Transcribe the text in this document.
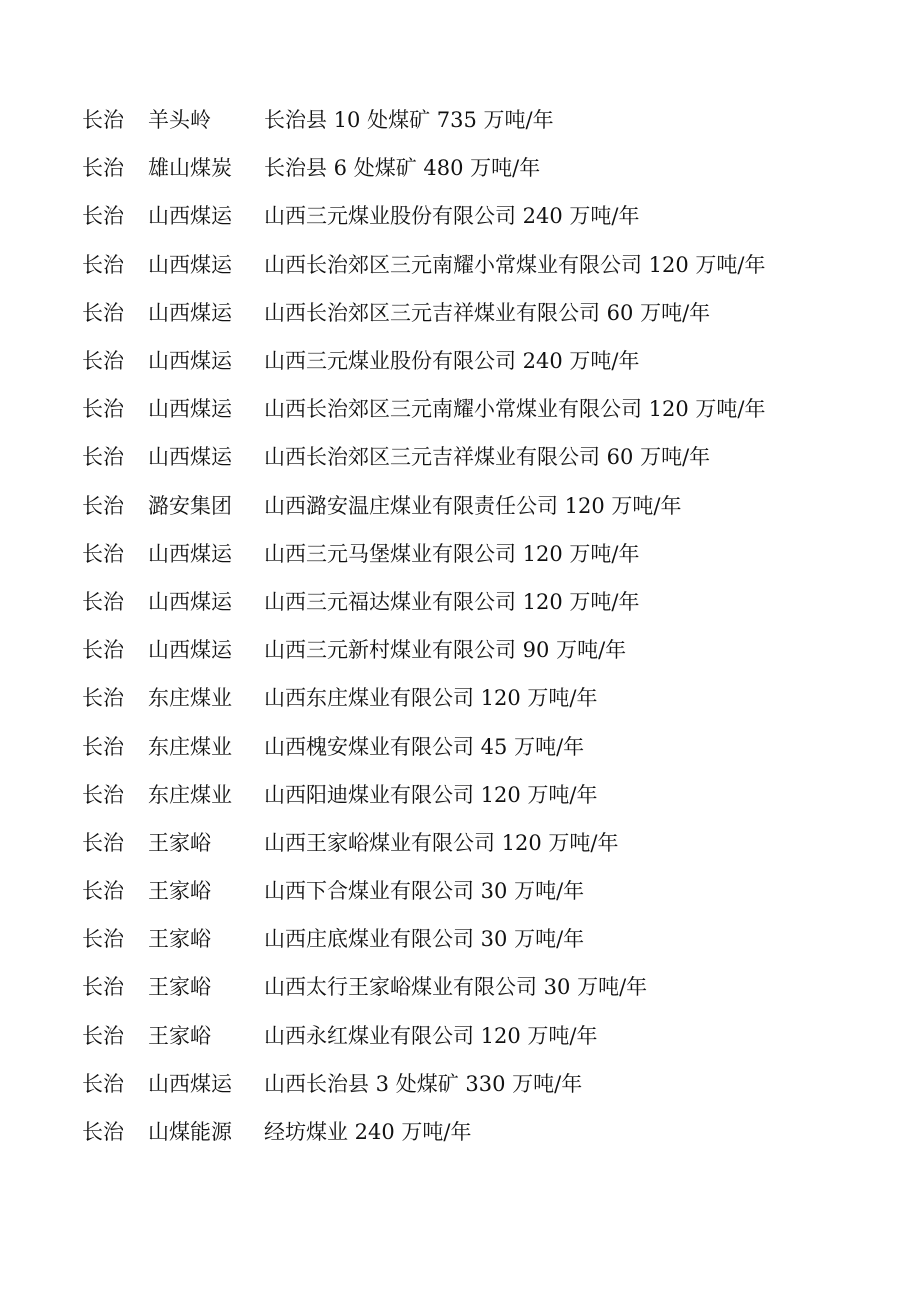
长治	羊头岭	长治县 10 处煤矿 735 万吨/年
长治	雄山煤炭	长治县 6 处煤矿 480 万吨/年
长治	山西煤运	山西三元煤业股份有限公司 240 万吨/年
长治	山西煤运	山西长治郊区三元南耀小常煤业有限公司 120 万吨/年
长治	山西煤运	山西长治郊区三元吉祥煤业有限公司 60 万吨/年
长治	山西煤运	山西三元煤业股份有限公司 240 万吨/年
长治	山西煤运	山西长治郊区三元南耀小常煤业有限公司 120 万吨/年
长治	山西煤运	山西长治郊区三元吉祥煤业有限公司 60 万吨/年
长治	潞安集团	山西潞安温庄煤业有限责任公司 120 万吨/年
长治	山西煤运	山西三元马堡煤业有限公司 120 万吨/年
长治	山西煤运	山西三元福达煤业有限公司 120 万吨/年
长治	山西煤运	山西三元新村煤业有限公司 90 万吨/年
长治	东庄煤业	山西东庄煤业有限公司 120 万吨/年
长治	东庄煤业	山西槐安煤业有限公司 45 万吨/年
长治	东庄煤业	山西阳迪煤业有限公司 120 万吨/年
长治	王家峪	山西王家峪煤业有限公司 120 万吨/年
长治	王家峪	山西下合煤业有限公司 30 万吨/年
长治	王家峪	山西庄底煤业有限公司 30 万吨/年
长治	王家峪	山西太行王家峪煤业有限公司 30 万吨/年
长治	王家峪	山西永红煤业有限公司 120 万吨/年
长治	山西煤运	山西长治县 3 处煤矿 330 万吨/年
长治	山煤能源	经坊煤业 240 万吨/年
